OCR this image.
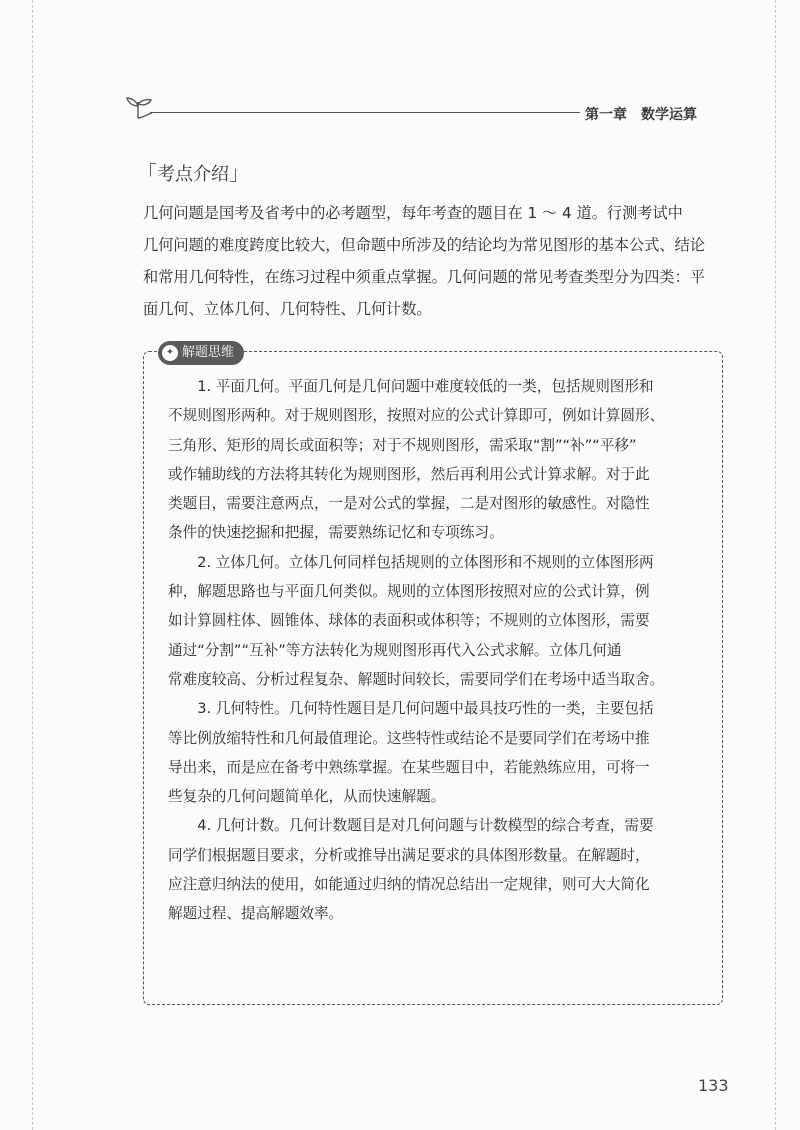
第一章　数学运算
「考点介绍」
几何问题是国考及省考中的必考题型，每年考查的题目在 1 ～ 4 道。行测考试中
几何问题的难度跨度比较大，但命题中所涉及的结论均为常见图形的基本公式、结论
和常用几何特性，在练习过程中须重点掌握。几何问题的常见考查类型分为四类：平
面几何、立体几何、几何特性、几何计数。
✦ 解题思维
　　1. 平面几何。平面几何是几何问题中难度较低的一类，包括规则图形和
不规则图形两种。对于规则图形，按照对应的公式计算即可，例如计算圆形、
三角形、矩形的周长或面积等；对于不规则图形，需采取“割”“补”“平移”
或作辅助线的方法将其转化为规则图形，然后再利用公式计算求解。对于此
类题目，需要注意两点，一是对公式的掌握，二是对图形的敏感性。对隐性
条件的快速挖掘和把握，需要熟练记忆和专项练习。
　　2. 立体几何。立体几何同样包括规则的立体图形和不规则的立体图形两
种，解题思路也与平面几何类似。规则的立体图形按照对应的公式计算，例
如计算圆柱体、圆锥体、球体的表面积或体积等；不规则的立体图形，需要
通过“分割”“互补”等方法转化为规则图形再代入公式求解。立体几何通
常难度较高、分析过程复杂、解题时间较长，需要同学们在考场中适当取舍。
　　3. 几何特性。几何特性题目是几何问题中最具技巧性的一类，主要包括
等比例放缩特性和几何最值理论。这些特性或结论不是要同学们在考场中推
导出来，而是应在备考中熟练掌握。在某些题目中，若能熟练应用，可将一
些复杂的几何问题简单化，从而快速解题。
　　4. 几何计数。几何计数题目是对几何问题与计数模型的综合考查，需要
同学们根据题目要求，分析或推导出满足要求的具体图形数量。在解题时，
应注意归纳法的使用，如能通过归纳的情况总结出一定规律，则可大大简化
解题过程、提高解题效率。
133
